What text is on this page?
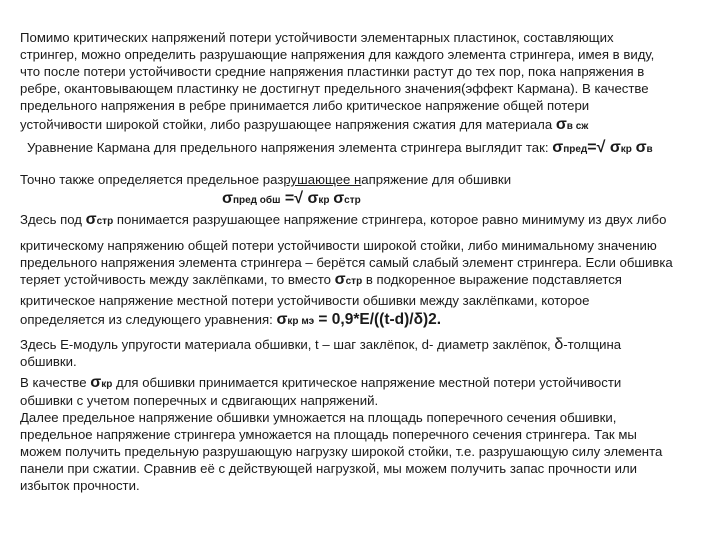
Помимо критических напряжений потери устойчивости элементарных пластинок, составляющих
стрингер, можно определить разрушающие напряжения для каждого элемента стрингера, имея в виду,
что после потери устойчивости средние напряжения пластинки растут до тех пор, пока напряжения в
ребре, окантовывающем пластинку не достигнут предельного значения(эффект Кармана). В качестве
предельного напряжения в ребре принимается либо критическое напряжение общей потери
устойчивости широкой стойки, либо разрушающее напряжения сжатия для материала σв сж
Уравнение Кармана для предельного напряжения элемента стрингера выглядит так: σпред=√ σкр σв
Точно также определяется предельное разрушающее напряжение для обшивки
σпред обш =√ σкр σстр
Здесь под σстр понимается разрушающее напряжение стрингера, которое равно минимуму из двух либо
критическому напряжению общей потери устойчивости широкой стойки, либо минимальному значению
предельного напряжения элемента стрингера – берётся самый слабый элемент стрингера. Если обшивка
теряет устойчивость между заклёпками, то вместо σстр в подкоренное выражение подставляется
критическое напряжение местной потери устойчивости обшивки между заклёпками, которое
определяется из следующего уравнения: σкр мэ = 0,9*E/((t-d)/δ)2.
Здесь E-модуль упругости материала обшивки, t – шаг заклёпок, d- диаметр заклёпок, δ-толщина
обшивки.
В качестве σкр для обшивки принимается критическое напряжение местной потери устойчивости
обшивки с учетом поперечных и сдвигающих напряжений.
Далее предельное напряжение обшивки умножается на площадь поперечного сечения обшивки,
предельное напряжение стрингера умножается на площадь поперечного сечения стрингера. Так мы
можем получить предельную разрушающую нагрузку широкой стойки, т.е. разрушающую силу элемента
панели при сжатии. Сравнив её с действующей нагрузкой, мы можем получить запас прочности или
избыток прочности.
